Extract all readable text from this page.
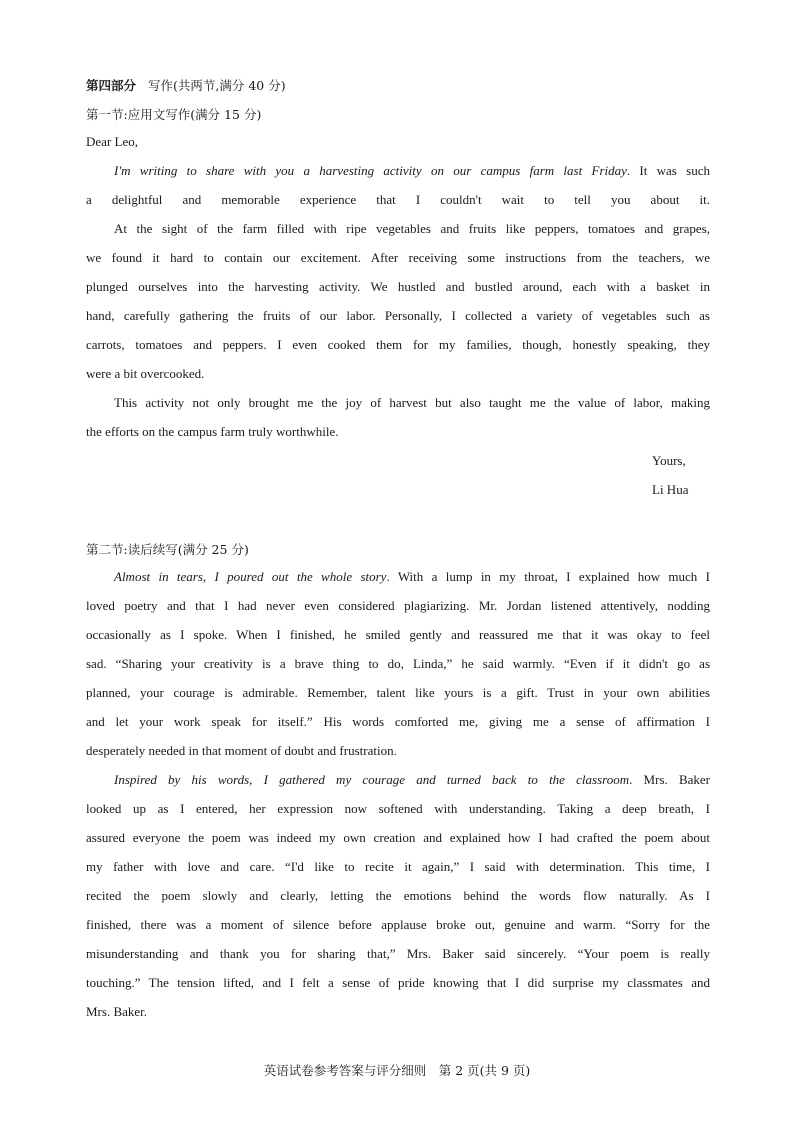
第四部分 写作(共两节,满分 40 分)
第一节:应用文写作(满分 15 分)
Dear Leo,
I'm writing to share with you a harvesting activity on our campus farm last Friday. It was such
a delightful and memorable experience that I couldn't wait to tell you about it.
At the sight of the farm filled with ripe vegetables and fruits like peppers, tomatoes and grapes,
we found it hard to contain our excitement. After receiving some instructions from the teachers, we
plunged ourselves into the harvesting activity. We hustled and bustled around, each with a basket in
hand, carefully gathering the fruits of our labor. Personally, I collected a variety of vegetables such as
carrots, tomatoes and peppers. I even cooked them for my families, though, honestly speaking, they
were a bit overcooked.
This activity not only brought me the joy of harvest but also taught me the value of labor, making
the efforts on the campus farm truly worthwhile.
Yours,
Li Hua
第二节:读后续写(满分 25 分)
Almost in tears, I poured out the whole story. With a lump in my throat, I explained how much I
loved poetry and that I had never even considered plagiarizing. Mr. Jordan listened attentively, nodding
occasionally as I spoke. When I finished, he smiled gently and reassured me that it was okay to feel
sad. “Sharing your creativity is a brave thing to do, Linda,” he said warmly. “Even if it didn't go as
planned, your courage is admirable. Remember, talent like yours is a gift. Trust in your own abilities
and let your work speak for itself.” His words comforted me, giving me a sense of affirmation I
desperately needed in that moment of doubt and frustration.
Inspired by his words, I gathered my courage and turned back to the classroom. Mrs. Baker
looked up as I entered, her expression now softened with understanding. Taking a deep breath, I
assured everyone the poem was indeed my own creation and explained how I had crafted the poem about
my father with love and care. “I'd like to recite it again,” I said with determination. This time, I
recited the poem slowly and clearly, letting the emotions behind the words flow naturally. As I
finished, there was a moment of silence before applause broke out, genuine and warm. “Sorry for the
misunderstanding and thank you for sharing that,” Mrs. Baker said sincerely. “Your poem is really
touching.” The tension lifted, and I felt a sense of pride knowing that I did surprise my classmates and
Mrs. Baker.
英语试卷参考答案与评分细则　第 2 页(共 9 页)
